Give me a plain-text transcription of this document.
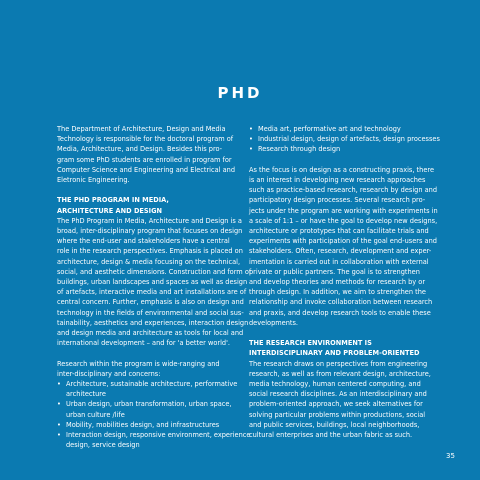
PHD
The Department of Architecture, Design and Media
Technology is responsible for the doctoral program of
Media, Architecture, and Design. Besides this pro-
gram some PhD students are enrolled in program for
Computer Science and Engineering and Electrical and
Eletronic Engineering.
THE PHD PROGRAM IN MEDIA,
ARCHITECTURE AND DESIGN
The PhD Program in Media, Architecture and Design is a
broad, inter-disciplinary program that focuses on design
where the end-user and stakeholders have a central
role in the research perspectives. Emphasis is placed on
architecture, design & media focusing on the technical,
social, and aesthetic dimensions. Construction and form of
buildings, urban landscapes and spaces as well as design
of artefacts, interactive media and art installations are of
central concern. Further, emphasis is also on design and
technology in the fields of environmental and social sus-
tainability, aesthetics and experiences, interaction design
and design media and architecture as tools for local and
international development – and for 'a better world'.
Research within the program is wide-ranging and
inter-disciplinary and concerns:
• Architecture, sustainable architecture, performative
architecture
• Urban design, urban transformation, urban space,
urban culture /life
• Mobility, mobilities design, and infrastructures
• Interaction design, responsive environment, experience
design, service design
• Media art, performative art and technology
• Industrial design, design of artefacts, design processes
• Research through design
As the focus is on design as a constructing praxis, there
is an interest in developing new research approaches
such as practice-based research, research by design and
participatory design processes. Several research pro-
jects under the program are working with experiments in
a scale of 1:1 – or have the goal to develop new designs,
architecture or prototypes that can facilitate trials and
experiments with participation of the goal end-users and
stakeholders. Often, research, development and exper-
imentation is carried out in collaboration with external
private or public partners. The goal is to strengthen
and develop theories and methods for research by or
through design. In addition, we aim to strengthen the
relationship and invoke collaboration between research
and praxis, and develop research tools to enable these
developments.
THE RESEARCH ENVIRONMENT IS
INTERDISCIPLINARY AND PROBLEM-ORIENTED
The research draws on perspectives from engineering
research, as well as from relevant design, architecture,
media technology, human centered computing, and
social research disciplines. As an interdisciplinary and
problem-oriented approach, we seek alternatives for
solving particular problems within productions, social
and public services, buildings, local neighborhoods,
cultural enterprises and the urban fabric as such.
35
